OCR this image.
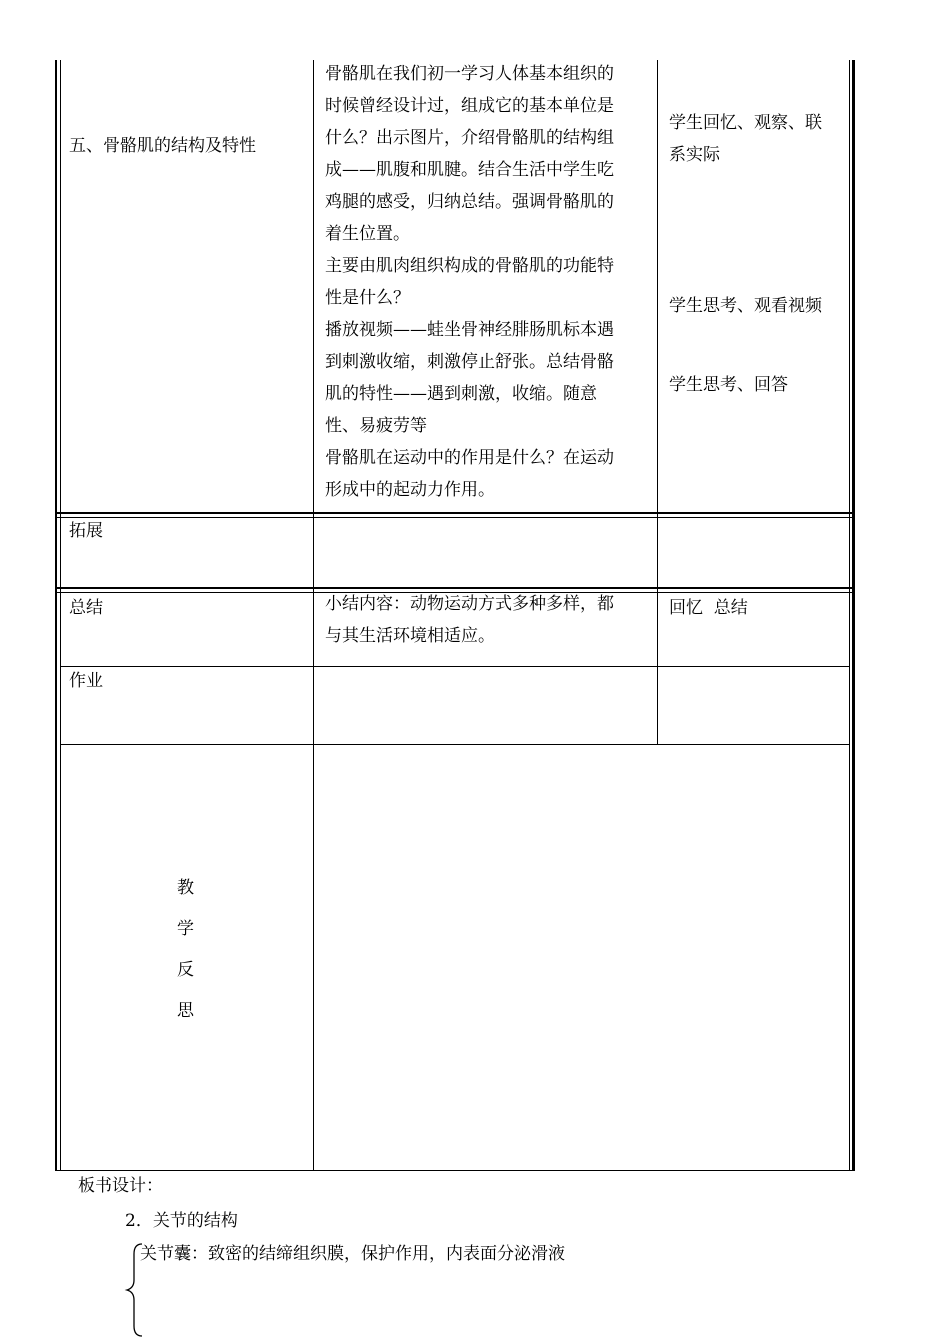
五、骨骼肌的结构及特性
骨骼肌在我们初一学习人体基本组织的
时候曾经设计过，组成它的基本单位是
什么？出示图片，介绍骨骼肌的结构组
成——肌腹和肌腱。结合生活中学生吃
鸡腿的感受，归纳总结。强调骨骼肌的
着生位置。
主要由肌肉组织构成的骨骼肌的功能特
性是什么？
播放视频——蛙坐骨神经腓肠肌标本遇
到刺激收缩，刺激停止舒张。总结骨骼
肌的特性——遇到刺激，收缩。随意
性、易疲劳等
骨骼肌在运动中的作用是什么？在运动
形成中的起动力作用。
学生回忆、观察、联
系实际
学生思考、观看视频
学生思考、回答
拓展
总结	小结内容：动物运动方式多种多样，都
与其生活环境相适应。
回忆  总结
作业
教
学
反
思
板书设计：
2．关节的结构
关节囊：致密的结缔组织膜，保护作用，内表面分泌滑液
